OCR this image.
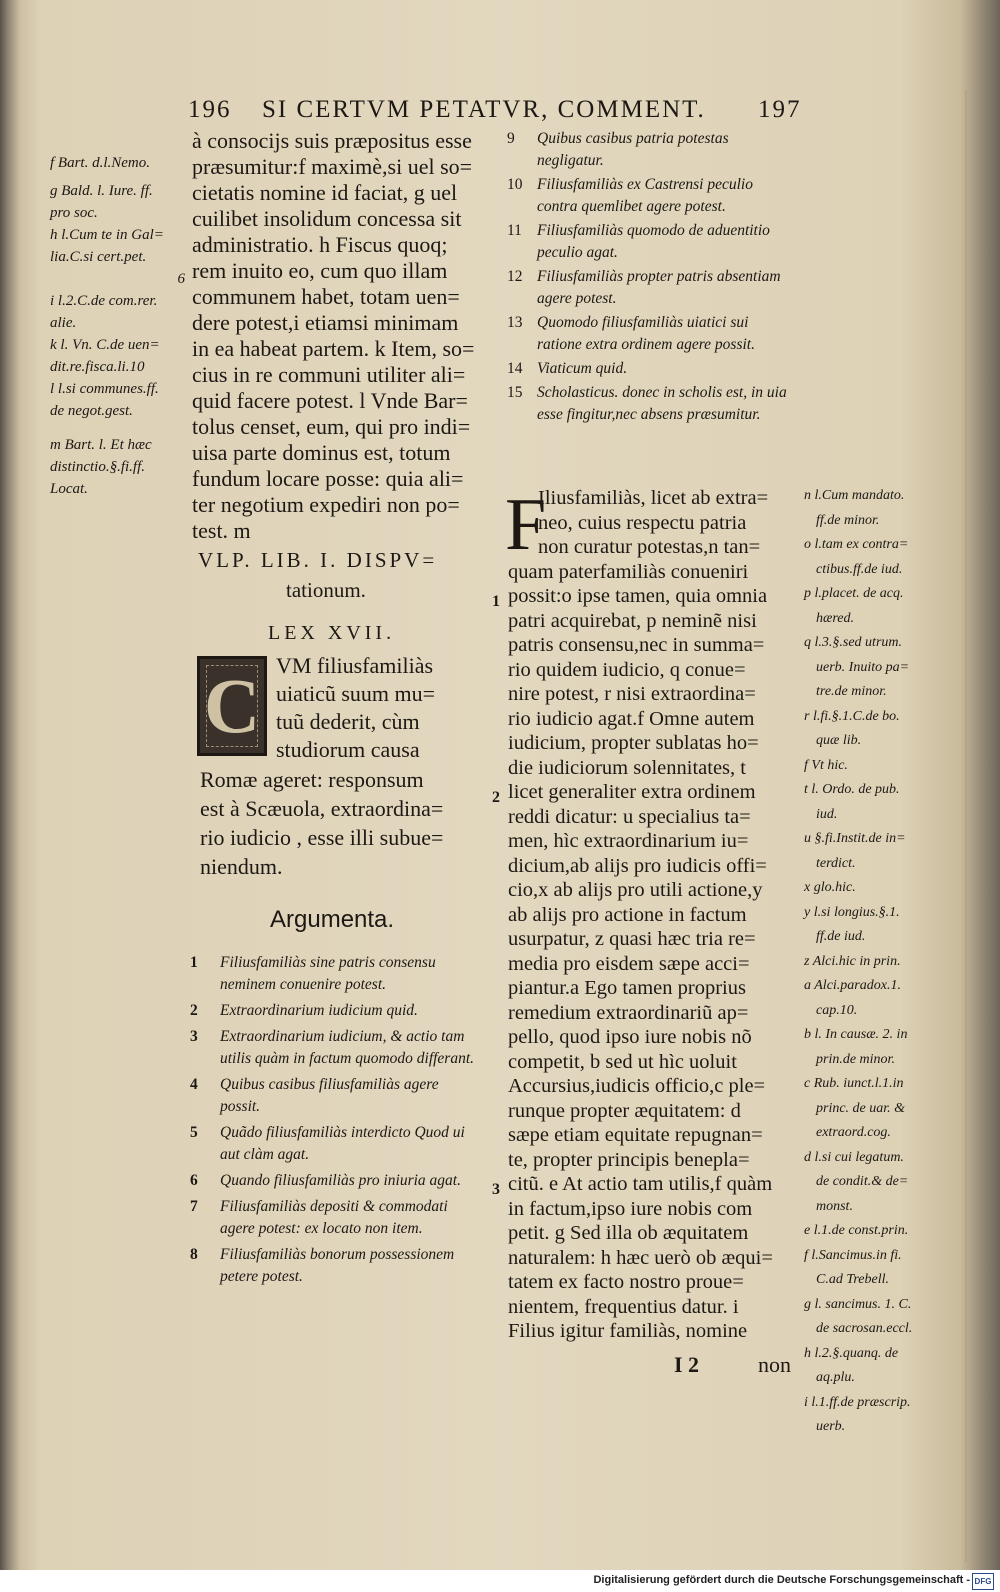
196 SI CERTVM PETATVR, COMMENT. 197
f Bart. d.l.Nemo.
g Bald. l. Iure. ff.
pro soc.
h l.Cum te in Gal=
lia.C.si cert.pet.
6
i l.2.C.de com.rer.
alie.
k l. Vn. C.de uen=
dit.re.fisca.li.10
l l.si communes.ff.
de negot.gest.
m Bart. l. Et hæc
distinctio.§.fi.ff.
Locat.
à consocijs suis præpositus esse
præsumitur:f maximè,si uel so=
cietatis nomine id faciat, g uel
cuilibet insolidum concessa sit
administratio. h Fiscus quoq;
rem inuito eo, cum quo illam
communem habet, totam uen=
dere potest,i etiamsi minimam
in ea habeat partem. k Item, so=
cius in re communi utiliter ali=
quid facere potest. l Vnde Bar=
tolus censet, eum, qui pro indi=
uisa parte dominus est, totum
fundum locare posse: quia ali=
ter negotium expediri non po=
test. m
VLP. LIB. I. DISPV=
tationum.
LEX XVII.
C VM filiusfamiliàs
uiaticũ suum mu=
tuũ dederit, cùm
studiorum causa
Romæ ageret: responsum
est à Scæuola, extraordina=
rio iudicio , esse illi subue=
niendum.
Argumenta.
1 Filiusfamiliàs sine patris consensu neminem conuenire potest.
2 Extraordinarium iudicium quid.
3 Extraordinarium iudicium, & actio tam utilis quàm in factum quomodo differant.
4 Quibus casibus filiusfamiliàs agere possit.
5 Quãdo filiusfamiliàs interdicto Quod ui aut clàm agat.
6 Quando filiusfamiliàs pro iniuria agat.
7 Filiusfamiliàs depositi & commodati agere potest: ex locato non item.
8 Filiusfamiliàs bonorum possessionem petere potest.
9 Quibus casibus patria potestas negligatur.
10 Filiusfamiliàs ex Castrensi peculio contra quemlibet agere potest.
11 Filiusfamiliàs quomodo de aduentitio peculio agat.
12 Filiusfamiliàs propter patris absentiam agere potest.
13 Quomodo filiusfamiliàs uiatici sui ratione extra ordinem agere possit.
14 Viaticum quid.
15 Scholasticus. donec in scholis est, in uia esse fingitur,nec absens præsumitur.
F
Iliusfamiliàs, licet ab extra=
neo, cuius respectu patria
non curatur potestas,n tan=
quam paterfamiliàs conueniri
possit:o ipse tamen, quia omnia
patri acquirebat, p neminẽ nisi
patris consensu,nec in summa=
rio quidem iudicio, q conue=
nire potest, r nisi extraordina=
rio iudicio agat.f Omne autem
iudicium, propter sublatas ho=
die iudiciorum solennitates, t
licet generaliter extra ordinem
reddi dicatur: u specialius ta=
men, hìc extraordinarium iu=
dicium,ab alijs pro iudicis offi=
cio,x ab alijs pro utili actione,y
ab alijs pro actione in factum
usurpatur, z quasi hæc tria re=
media pro eisdem sæpe acci=
piantur.a Ego tamen proprius
remedium extraordinariũ ap=
pello, quod ipso iure nobis nõ
competit, b sed ut hìc uoluit
Accursius,iudicis officio,c ple=
runque propter æquitatem: d
sæpe etiam equitate repugnan=
te, propter principis benepla=
citũ. e At actio tam utilis,f quàm
in factum,ipso iure nobis com
petit. g Sed illa ob æquitatem
naturalem: h hæc uerò ob æqui=
tatem ex facto nostro proue=
nientem, frequentius datur. i
Filius igitur familiàs, nomine
1
2
3
I 2	non
n l.Cum mandato.
ff.de minor.
o l.tam ex contra=
ctibus.ff.de iud.
p l.placet. de acq.
hæred.
q l.3.§.sed utrum.
uerb. Inuito pa=
tre.de minor.
r l.fi.§.1.C.de bo.
quæ lib.
f Vt hic.
t l. Ordo. de pub.
iud.
u §.fi.Instit.de in=
terdict.
x glo.hic.
y l.si longius.§.1.
ff.de iud.
z Alci.hic in prin.
a Alci.paradox.1.
cap.10.
b l. In causæ. 2. in
prin.de minor.
c Rub. iunct.l.1.in
princ. de uar. &
extraord.cog.
d l.si cui legatum.
de condit.& de=
monst.
e l.1.de const.prin.
f l.Sancimus.in fi.
C.ad Trebell.
g l. sancimus. 1. C.
de sacrosan.eccl.
h l.2.§.quanq. de
aq.plu.
i l.1.ff.de præscrip.
uerb.
Digitalisierung gefördert durch die Deutsche Forschungsgemeinschaft - DFG
